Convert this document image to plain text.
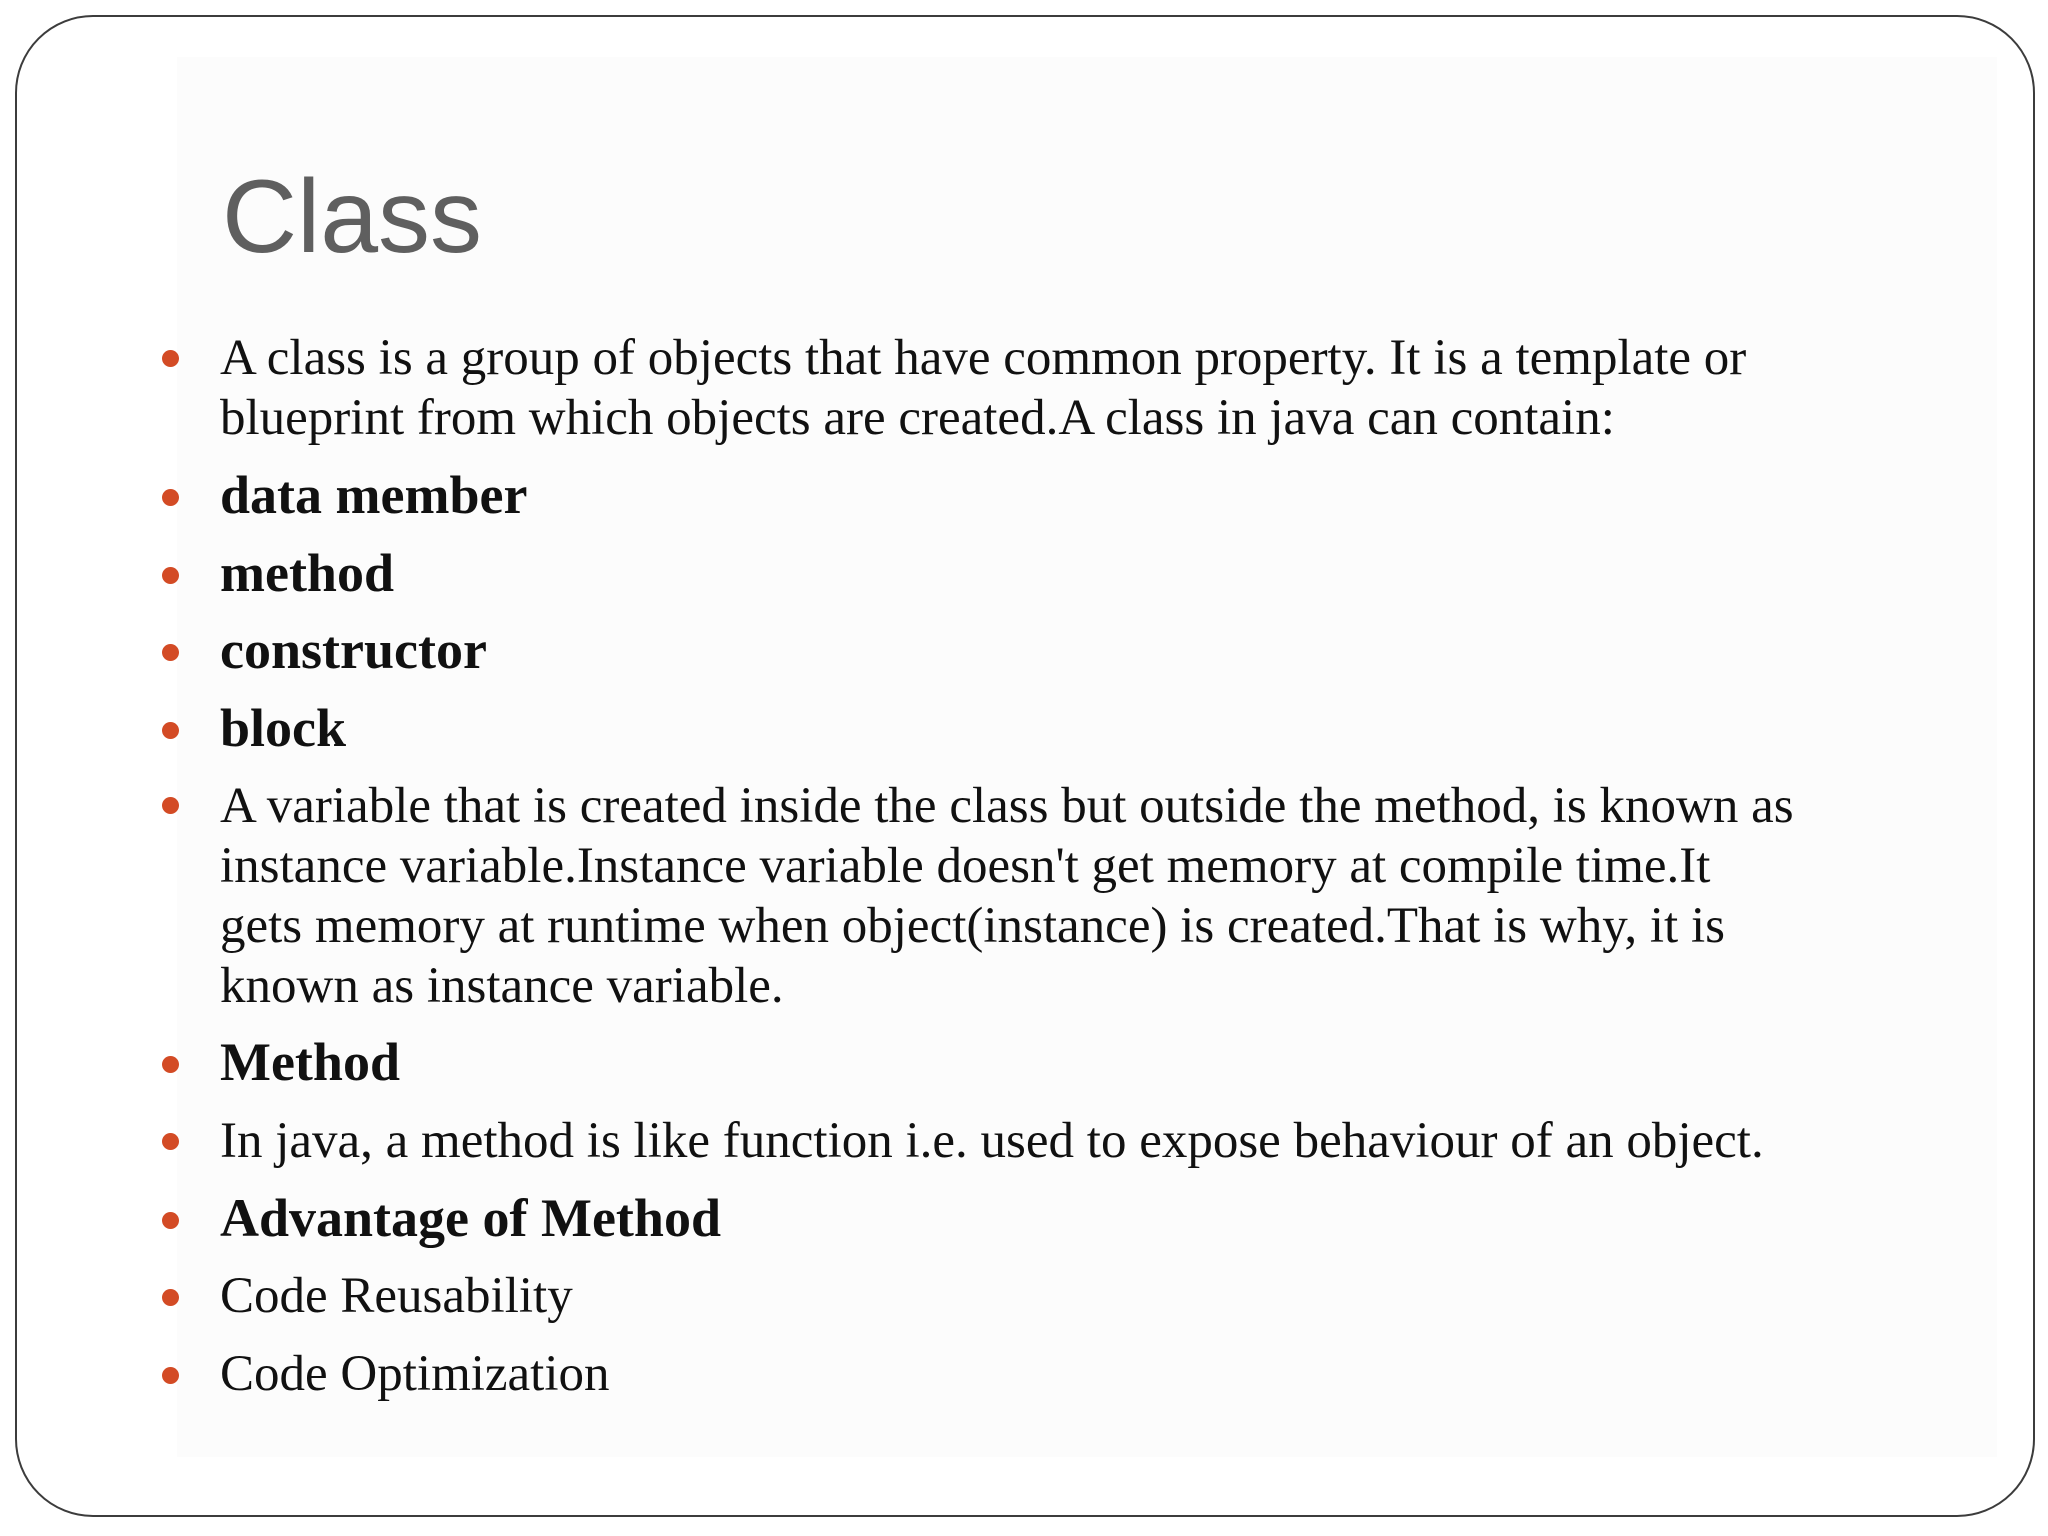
Class
A class is a group of objects that have common property. It is a template or
blueprint from which objects are created.A class in java can contain:
data member
method
constructor
block
A variable that is created inside the class but outside the method, is known as
instance variable.Instance variable doesn't get memory at compile time.It
gets memory at runtime when object(instance) is created.That is why, it is
known as instance variable.
Method
In java, a method is like function i.e. used to expose behaviour of an object.
Advantage of Method
Code Reusability
Code Optimization
